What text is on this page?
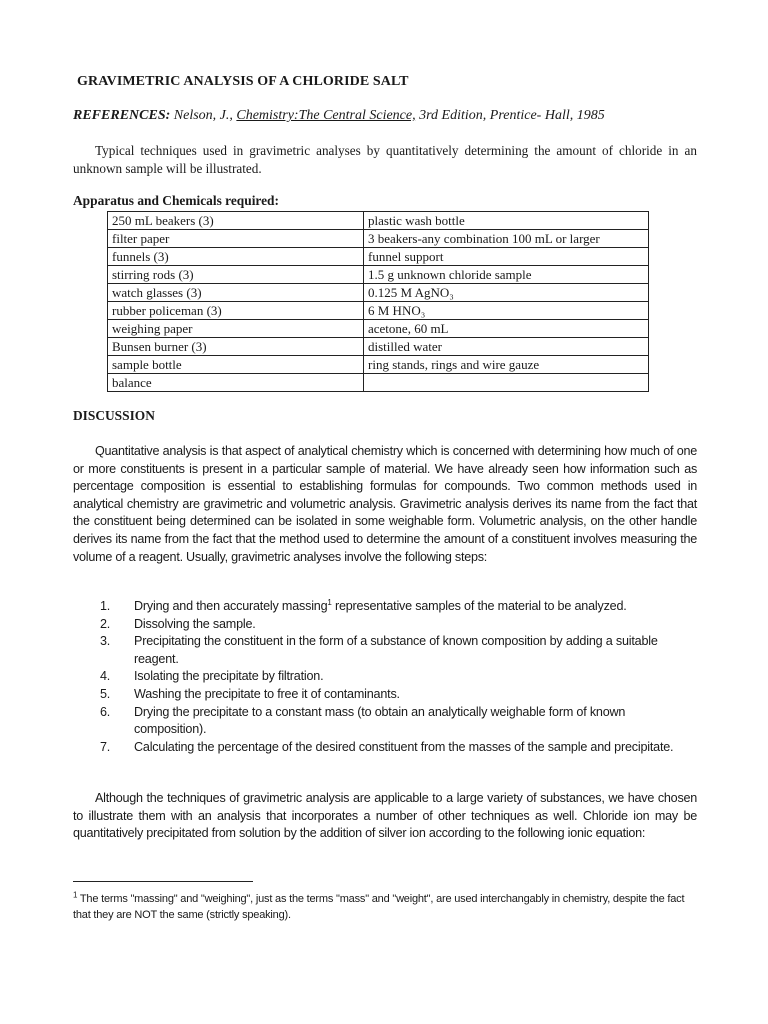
GRAVIMETRIC ANALYSIS OF A CHLORIDE SALT
REFERENCES: Nelson, J., Chemistry:The Central Science, 3rd Edition, Prentice- Hall, 1985

Typical techniques used in gravimetric analyses by quantitatively determining the amount of chloride in an unknown sample will be illustrated.

Apparatus and Chemicals required:
250 mL beakers (3)	plastic wash bottle
filter paper	3 beakers-any combination 100 mL or larger
funnels (3)	funnel support
stirring rods (3)	1.5 g unknown chloride sample
watch glasses (3)	0.125 M AgNO₃
rubber policeman (3)	6 M HNO₃
weighing paper	acetone, 60 mL
Bunsen burner (3)	distilled water
sample bottle	ring stands, rings and wire gauze
balance	
DISCUSSION

Quantitative analysis is that aspect of analytical chemistry which is concerned with determining how much of one or more constituents is present in a particular sample of material. We have already seen how information such as percentage composition is essential to establishing formulas for compounds. Two common methods used in analytical chemistry are gravimetric and volumetric analysis. Gravimetric analysis derives its name from the fact that the constituent being determined can be isolated in some weighable form. Volumetric analysis, on the other handle derives its name from the fact that the method used to determine the amount of a constituent involves measuring the volume of a reagent. Usually, gravimetric analyses involve the following steps:

1. Drying and then accurately massing$^1$ representative samples of the material to be analyzed.
2. Dissolving the sample.
3. Precipitating the constituent in the form of a substance of known composition by adding a suitable reagent.
4. Isolating the precipitate by filtration.
5. Washing the precipitate to free it of contaminants.
6. Drying the precipitate to a constant mass (to obtain an analytically weighable form of known composition).
7. Calculating the percentage of the desired constituent from the masses of the sample and precipitate.

Although the techniques of gravimetric analysis are applicable to a large variety of substances, we have chosen to illustrate them with an analysis that incorporates a number of other techniques as well. Chloride ion may be quantitatively precipitated from solution by the addition of silver ion according to the following ionic equation:

$^1$ The terms "massing" and "weighing", just as the terms "mass" and "weight", are used interchangably in chemistry, despite the fact that they are NOT the same (strictly speaking).
